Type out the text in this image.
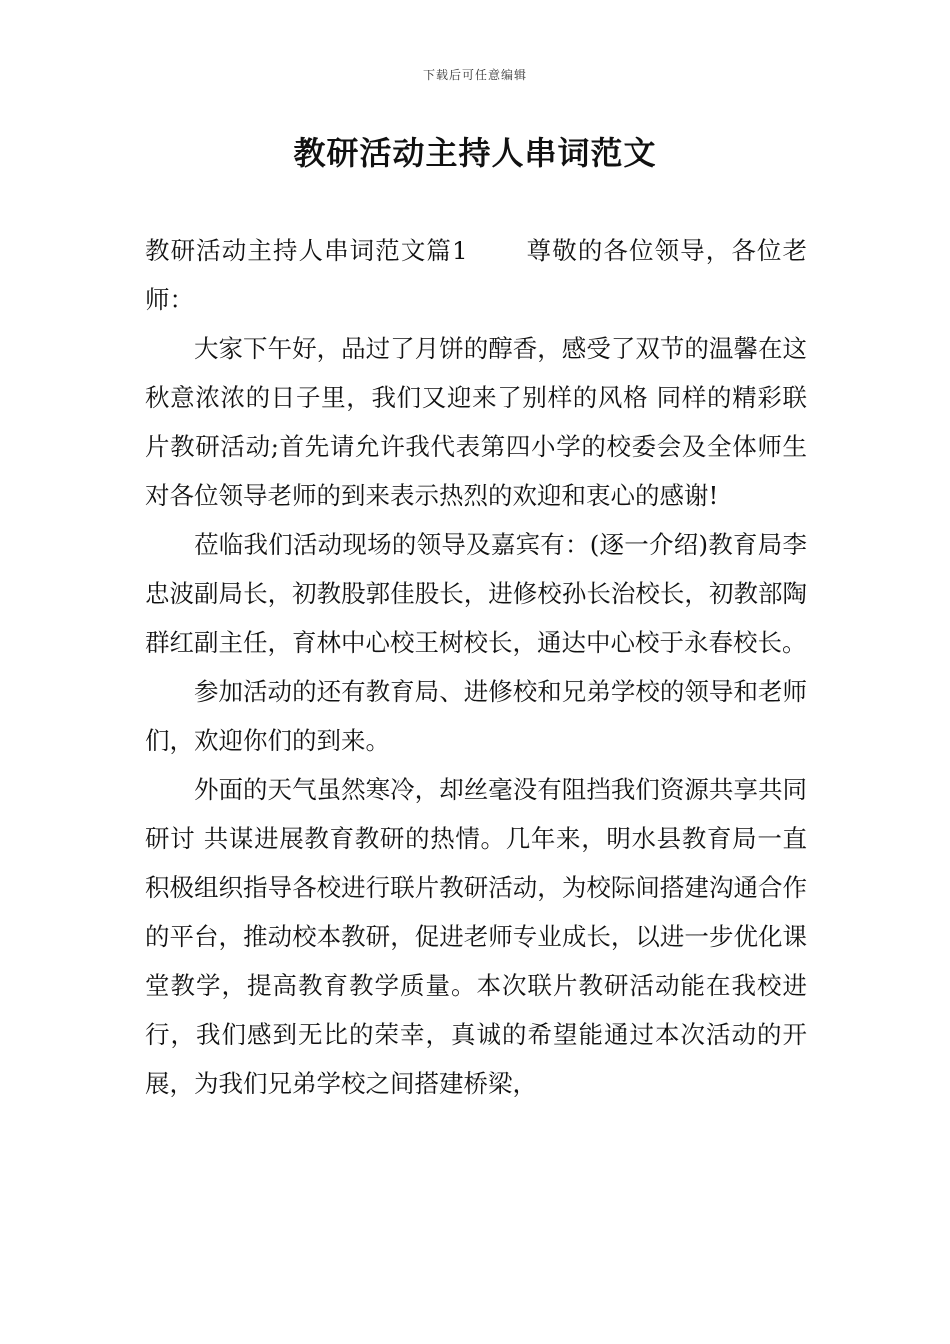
下载后可任意编辑
教研活动主持人串词范文

教研活动主持人串词范文篇1 尊敬的各位领导，各位老师：

大家下午好，品过了月饼的醇香，感受了双节的温馨在这秋意浓浓的日子里，我们又迎来了别样的风格 同样的精彩联片教研活动;首先请允许我代表第四小学的校委会及全体师生对各位领导老师的到来表示热烈的欢迎和衷心的感谢!

莅临我们活动现场的领导及嘉宾有：(逐一介绍)教育局李忠波副局长，初教股郭佳股长，进修校孙长治校长，初教部陶群红副主任，育林中心校王树校长，通达中心校于永春校长。

参加活动的还有教育局、进修校和兄弟学校的领导和老师们，欢迎你们的到来。

外面的天气虽然寒冷，却丝毫没有阻挡我们资源共享共同研讨 共谋进展教育教研的热情。几年来，明水县教育局一直积极组织指导各校进行联片教研活动，为校际间搭建沟通合作的平台，推动校本教研，促进老师专业成长，以进一步优化课堂教学，提高教育教学质量。本次联片教研活动能在我校进行，我们感到无比的荣幸，真诚的希望能通过本次活动的开展，为我们兄弟学校之间搭建桥梁，
